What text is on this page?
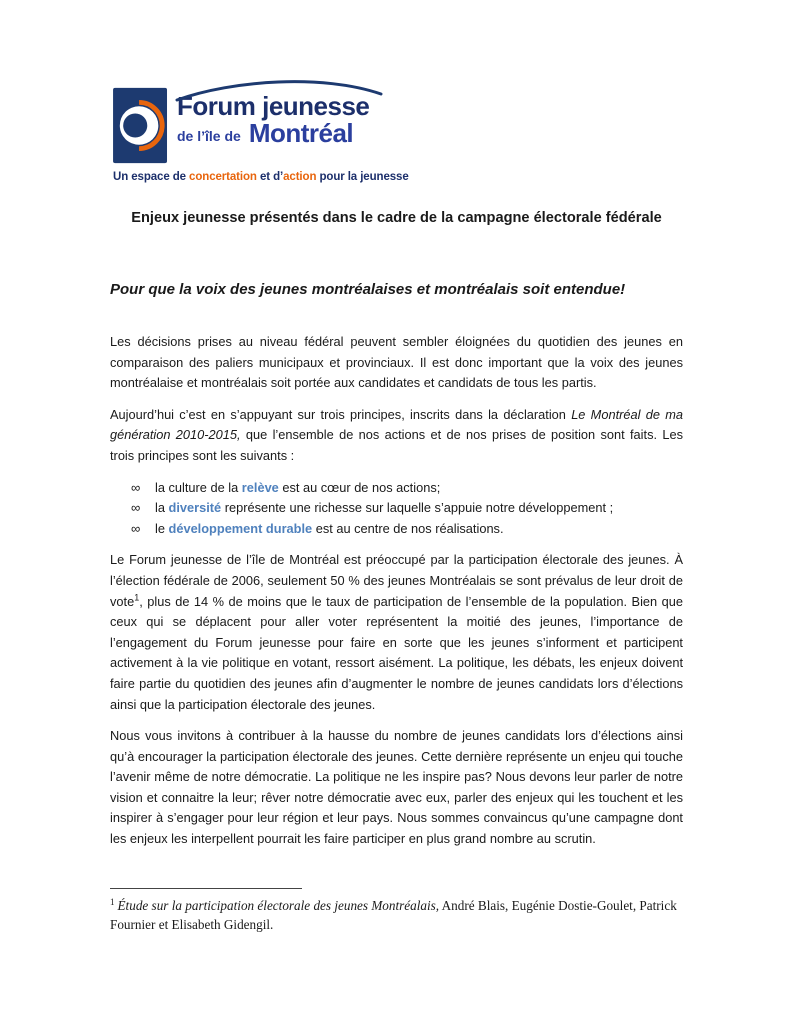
Forum jeunesse
de l’île de Montréal
Un espace de concertation et d’action pour la jeunesse
Enjeux jeunesse présentés dans le cadre de la campagne électorale fédérale
Pour que la voix des jeunes montréalaises et montréalais soit entendue!

Les décisions prises au niveau fédéral peuvent sembler éloignées du quotidien des jeunes en comparaison des paliers municipaux et provinciaux. Il est donc important que la voix des jeunes montréalaise et montréalais soit portée aux candidates et candidats de tous les partis.

Aujourd’hui c’est en s’appuyant sur trois principes, inscrits dans la déclaration Le Montréal de ma génération 2010-2015, que l’ensemble de nos actions et de nos prises de position sont faits. Les trois principes sont les suivants :

∞	la culture de la relève est au cœur de nos actions;
∞	la diversité représente une richesse sur laquelle s’appuie notre développement ;
∞	le développement durable est au centre de nos réalisations.

Le Forum jeunesse de l’île de Montréal est préoccupé par la participation électorale des jeunes. À l’élection fédérale de 2006, seulement 50 % des jeunes Montréalais se sont prévalus de leur droit de vote$^1$, plus de 14 % de moins que le taux de participation de l’ensemble de la population. Bien que ceux qui se déplacent pour aller voter représentent la moitié des jeunes, l’importance de l’engagement du Forum jeunesse pour faire en sorte que les jeunes s’informent et participent activement à la vie politique en votant, ressort aisément. La politique, les débats, les enjeux doivent faire partie du quotidien des jeunes afin d’augmenter le nombre de jeunes candidats lors d’élections ainsi que la participation électorale des jeunes.

Nous vous invitons à contribuer à la hausse du nombre de jeunes candidats lors d’élections ainsi qu’à encourager la participation électorale des jeunes. Cette dernière représente un enjeu qui touche l’avenir même de notre démocratie. La politique ne les inspire pas? Nous devons leur parler de notre vision et connaitre la leur; rêver notre démocratie avec eux, parler des enjeux qui les touchent et les inspirer à s’engager pour leur région et leur pays. Nous sommes convaincus qu’une campagne dont les enjeux les interpellent pourrait les faire participer en plus grand nombre au scrutin.

$^1$ Étude sur la participation électorale des jeunes Montréalais, André Blais, Eugénie Dostie-Goulet, Patrick Fournier et Elisabeth Gidengil.
